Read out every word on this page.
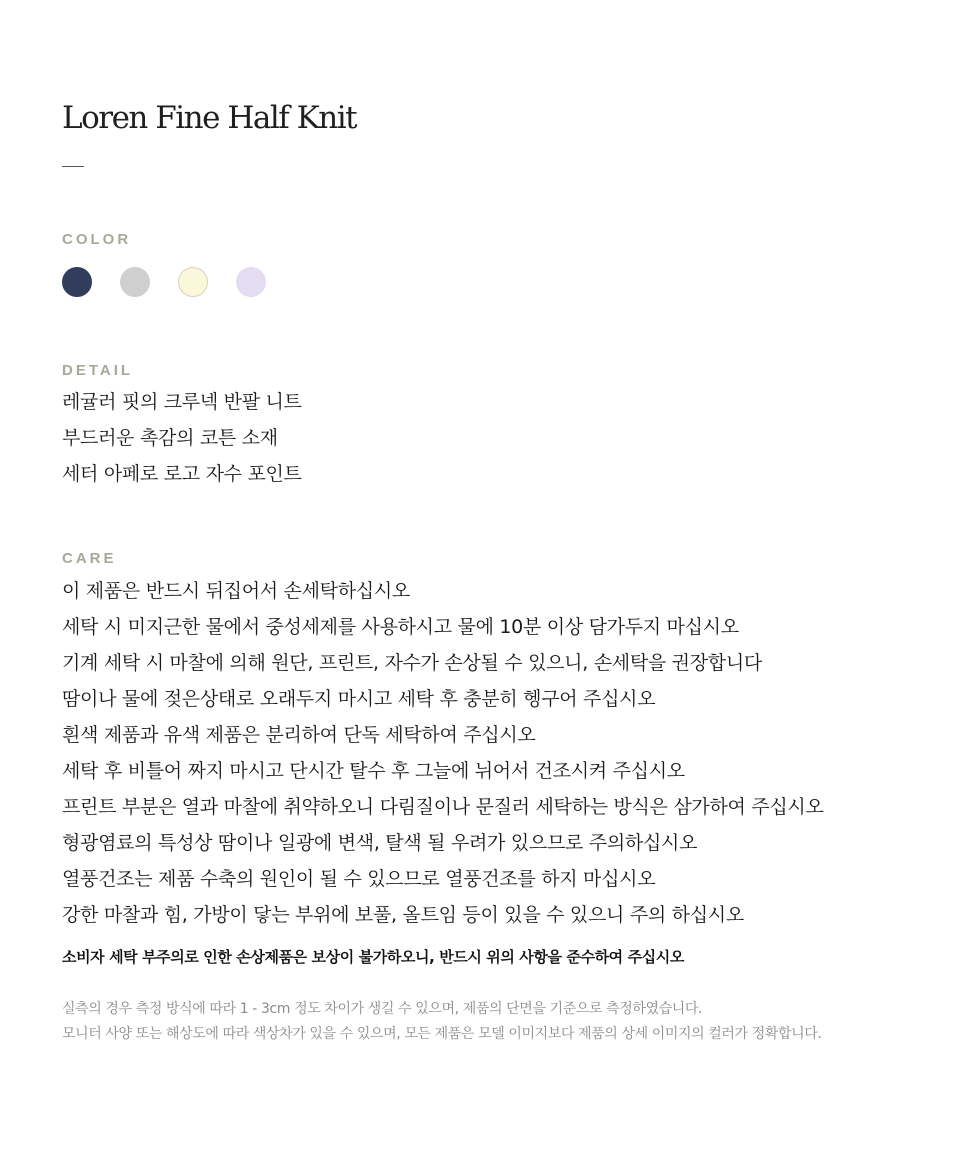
Loren Fine Half Knit
COLOR
DETAIL
레귤러 핏의 크루넥 반팔 니트
부드러운 촉감의 코튼 소재
세터 아페로 로고 자수 포인트
CARE
이 제품은 반드시 뒤집어서 손세탁하십시오
세탁 시 미지근한 물에서 중성세제를 사용하시고 물에 10분 이상 담가두지 마십시오
기계 세탁 시 마찰에 의해 원단, 프린트, 자수가 손상될 수 있으니, 손세탁을 권장합니다
땀이나 물에 젖은상태로 오래두지 마시고 세탁 후 충분히 헹구어 주십시오
흰색 제품과 유색 제품은 분리하여 단독 세탁하여 주십시오
세탁 후 비틀어 짜지 마시고 단시간 탈수 후 그늘에 뉘어서 건조시켜 주십시오
프린트 부분은 열과 마찰에 취약하오니 다림질이나 문질러 세탁하는 방식은 삼가하여 주십시오
형광염료의 특성상 땀이나 일광에 변색, 탈색 될 우려가 있으므로 주의하십시오
열풍건조는 제품 수축의 원인이 될 수 있으므로 열풍건조를 하지 마십시오
강한 마찰과 힘, 가방이 닿는 부위에 보풀, 올트임 등이 있을 수 있으니 주의 하십시오

소비자 세탁 부주의로 인한 손상제품은 보상이 불가하오니, 반드시 위의 사항을 준수하여 주십시오

실측의 경우 측정 방식에 따라 1 - 3cm 정도 차이가 생길 수 있으며, 제품의 단면을 기준으로 측정하였습니다.
모니터 사양 또는 해상도에 따라 색상차가 있을 수 있으며, 모든 제품은 모델 이미지보다 제품의 상세 이미지의 컬러가 정확합니다.
